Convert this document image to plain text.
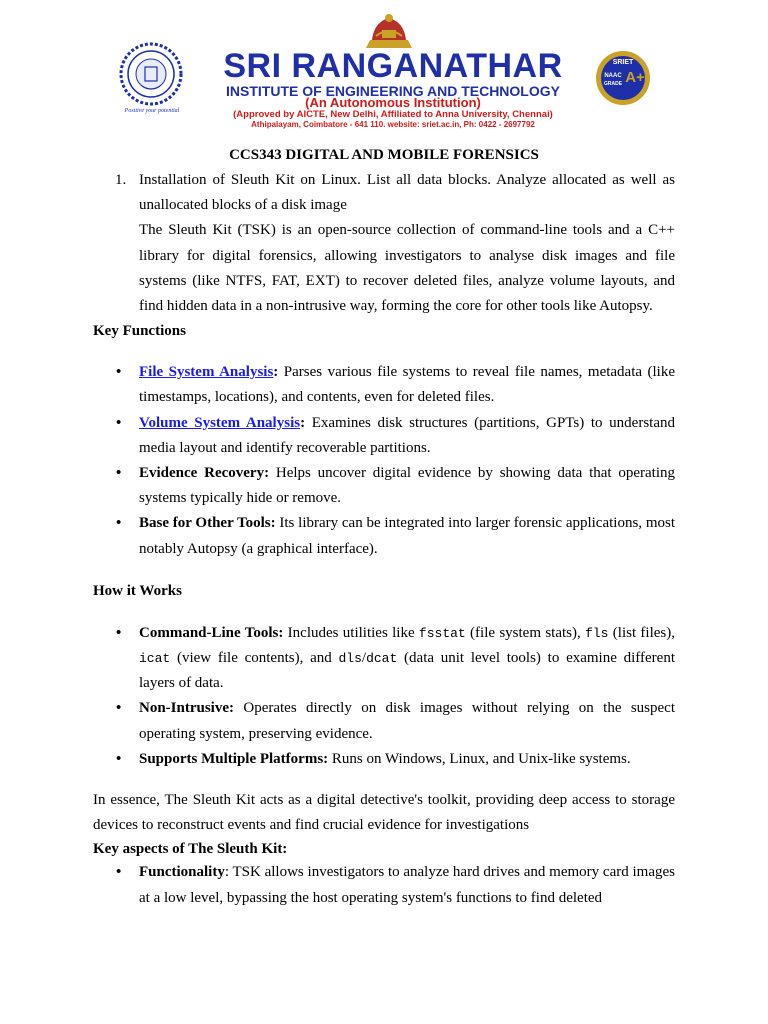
Positive your potential
SRI RANGANATHAR
INSTITUTE OF ENGINEERING AND TECHNOLOGY
(An Autonomous Institution)
(Approved by AICTE, New Delhi, Affiliated to Anna University, Chennai)
Athipalayam, Coimbatore - 641 110. website: sriet.ac.in, Ph: 0422 - 2697792
SRIET
NAAC
GRADE A+

CCS343 DIGITAL AND MOBILE FORENSICS

1. Installation of Sleuth Kit on Linux. List all data blocks. Analyze allocated as well as unallocated blocks of a disk image

The Sleuth Kit (TSK) is an open-source collection of command-line tools and a C++ library for digital forensics, allowing investigators to analyse disk images and file systems (like NTFS, FAT, EXT) to recover deleted files, analyze volume layouts, and find hidden data in a non-intrusive way, forming the core for other tools like Autopsy.

Key Functions

• File System Analysis: Parses various file systems to reveal file names, metadata (like timestamps, locations), and contents, even for deleted files.
• Volume System Analysis: Examines disk structures (partitions, GPTs) to understand media layout and identify recoverable partitions.
• Evidence Recovery: Helps uncover digital evidence by showing data that operating systems typically hide or remove.
• Base for Other Tools: Its library can be integrated into larger forensic applications, most notably Autopsy (a graphical interface).

How it Works

• Command-Line Tools: Includes utilities like fsstat (file system stats), fls (list files), icat (view file contents), and dls/dcat (data unit level tools) to examine different layers of data.
• Non-Intrusive: Operates directly on disk images without relying on the suspect operating system, preserving evidence.
• Supports Multiple Platforms: Runs on Windows, Linux, and Unix-like systems.

In essence, The Sleuth Kit acts as a digital detective's toolkit, providing deep access to storage devices to reconstruct events and find crucial evidence for investigations

Key aspects of The Sleuth Kit:

• Functionality: TSK allows investigators to analyze hard drives and memory card images at a low level, bypassing the host operating system's functions to find deleted
